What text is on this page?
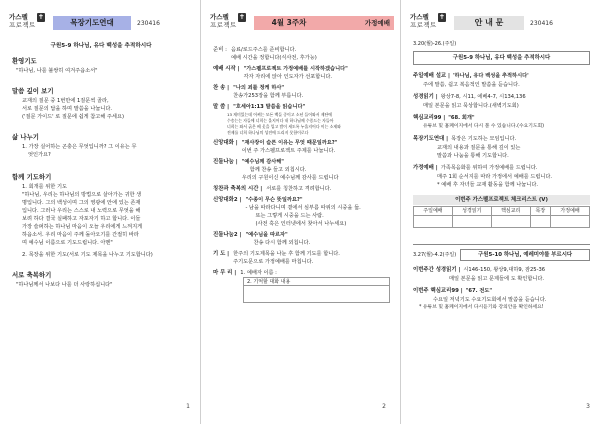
가스펠
프로젝트
✝
목장기도연대	230416
구원5-9 하나님, 유다 백성을 추적하시다
환영기도
"하나님, 나를 불쌍히 여겨주옵소서"
말씀 깊이 보기
교재의 질문 중 1번만에 1질문씩 골라,
서로 질문의 답을 하며 말씀을 나눕니다.
('질문 가이드' 로 질문에 쉽게 참고해 주세요)
삶 나누기
1. 가장 실어하는 곤충은 무엇입니까? 그 이유는 무
엇인가요?
함께 기도하기
1. 회개를 위한 기도
"하나님, 우리는 하나님의 방법으로 살아가는 귀한 생
명입니다. 그의 백성이며 그의 영광에 안에 있는 존재
입니다. 그러나 우리는 스스로 내 노력으로 무엇을 해
보려 하다 결국 실패하고 자포자기 하고 합니다. 이들
가장 슬퍼하는 하나님 마음이 오늘 우리에게 느껴지게
하옵소서. 우리 마음이 주께 돌아오기를 간절히 바라
며 예수님 이름으로 기도드립니다. 아멘"
2. 목장을 위한 기도(서로 기도 제목을 나누고 기도합니다)
서로 축복하기
"하나님께서 나보다 나를 더 사랑하십니다"
1
가스펠
프로젝트
✝
4월 3주차	가정예배
준비 : 음료/로드주스를 준비합니다.
예배 시간을 정합니다(식사전, 후가능)
예배 시작 | "가스펠프로젝트 가정예배를 시작하겠습니다"
각자 자리에 앉아 인도자가 선포합니다.
찬 송 | "나의 죄를 정케 하사"
찬송가253장을 함께 부릅니다.
말 씀 | "호세아1:13 말씀을 읽습니다"
13 재미있는데 어찌는 모든 백들 중이고 소년 들어와서 제단에
수송는는 자들에 너희는 울지어다 내 하나님께 수종드는 자들아
너희는 와서 굵은 베 옷을 입고 밤이 새도록 누울지어다 이는 소제와
전제를 너희 하나님의 성전에 드리지 못함이로다
신앙대화 | "재사장이 슬픈 이유는 무엇 때문일까요?"
이번 주 가스펠프로젝트 주제를 나눕니다.
진돌나눔 | "예수님께 감사해"
함께 찬송 들고 외칩시다.
우리의 구원이신 예수님께 감사를 드립니다
칭찬과 축복의 시간 | 서로를 칭찬하고 격려합니다.
신앙대화2 | "수종이 무슨 뜻일까요?"
- 남을 따라다니며 곁에서 심부름 따위의 시중을 듦.
또는 그렇게 시중을 드는 사람.
(사전 혹은 인터넷에서 찾아서 나누세요)
진돌나눔2 | "예수님을 따르자"
찬송 다시 함께 외칩니다.
기 도 | 한주의 기도제목을 나눈 후 함께 기도를 합니다.
주기도문으로 가정예배를 마칩니다.
마 무 리 | 1. 예배자 이름 :
2. 기억할 대화 내용
2
가스펠
프로젝트
✝
안 내 문	230416
3.20(월)-26.(주일)
구원5-9 하나님, 유다 백성을 추적하시다
주일예배 설교 | '하나님, 유다 백성을 추적하시다'
주에 말씀, 쉽고 복음적인 말씀을 듣습니다.
성경읽기 | 왕상7-8, 시11, 에베4-7, 시134,136
매일 본문을 읽고 묵상합니다.(새벽기도회)
핵심교리99 | "68. 회개"
유튜브 및 홈페이지에서 다시 볼 수 있습니다.(수요기도회)
목장기도연대 | 목장은 기도하는 모임입니다.
교재의 내용과 질문을 통해 깊이 있는
말씀과 나눔을 통해 기도합니다.
가정예배 | 가족목음화를 위하여 가정예배를 드립니다.
매주 1회 순서지를 따라 가정에서 예배를 드립니다.
* 예배 후 자녀들 교재 활동을 함께 나눕니다.
이번주 가스펠프로젝트 체크리스트 (V)
주일예배	성경읽기	핵심교리	목장	가정예배

3.27(월)-4.2(주일)	구원5-10 하나님, 예레미야를 부르시다
이번주간 성경읽기 | 시146-150, 왕상9,대하9, 잠25-36
매일 본문을 읽고 문제들에 도 확인합니다.
이번주 핵심교리99 | "67. 전도"
수요일 저녁기도 수요기도회에서 말씀을 듣습니다.
* 유튜브 및 홈페이지에서 다시듣기와 강의안을 확인하세요!
3
